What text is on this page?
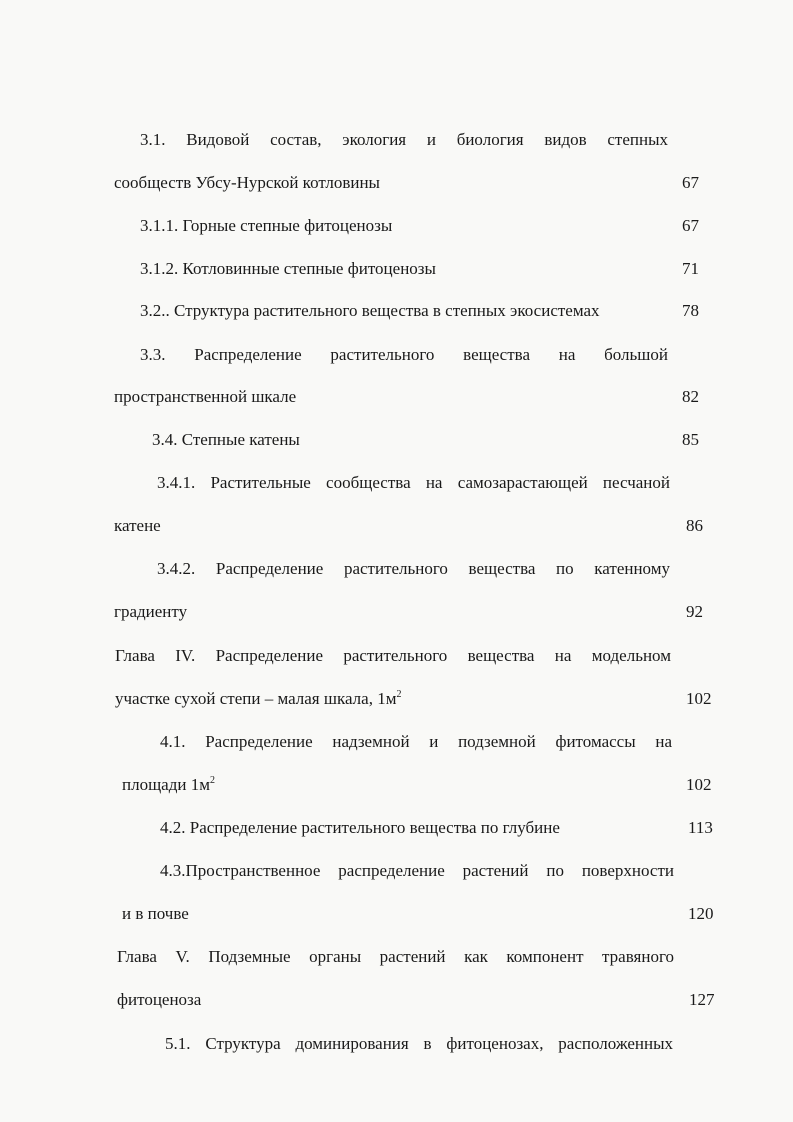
3.1. Видовой состав, экология и биология видов степных
сообществ Убсу-Нурской котловины	67
3.1.1. Горные степные фитоценозы	67
3.1.2. Котловинные степные фитоценозы	71
3.2.. Структура растительного вещества в степных экосистемах	78
3.3. Распределение растительного вещества на большой
пространственной шкале	82
3.4. Степные катены	85
3.4.1. Растительные сообщества на самозарастающей песчаной
катене	86
3.4.2. Распределение растительного вещества по катенному
градиенту	92
Глава IV. Распределение растительного вещества на модельном
участке сухой степи – малая шкала, $1м^2$	102
4.1. Распределение надземной и подземной фитомассы на
площади $1м^2$	102
4.2. Распределение растительного вещества по глубине	113
4.3.Пространственное распределение растений по поверхности
и в почве	120
Глава V. Подземные органы растений как компонент травяного
фитоценоза	127
5.1. Структура доминирования в фитоценозах, расположенных
